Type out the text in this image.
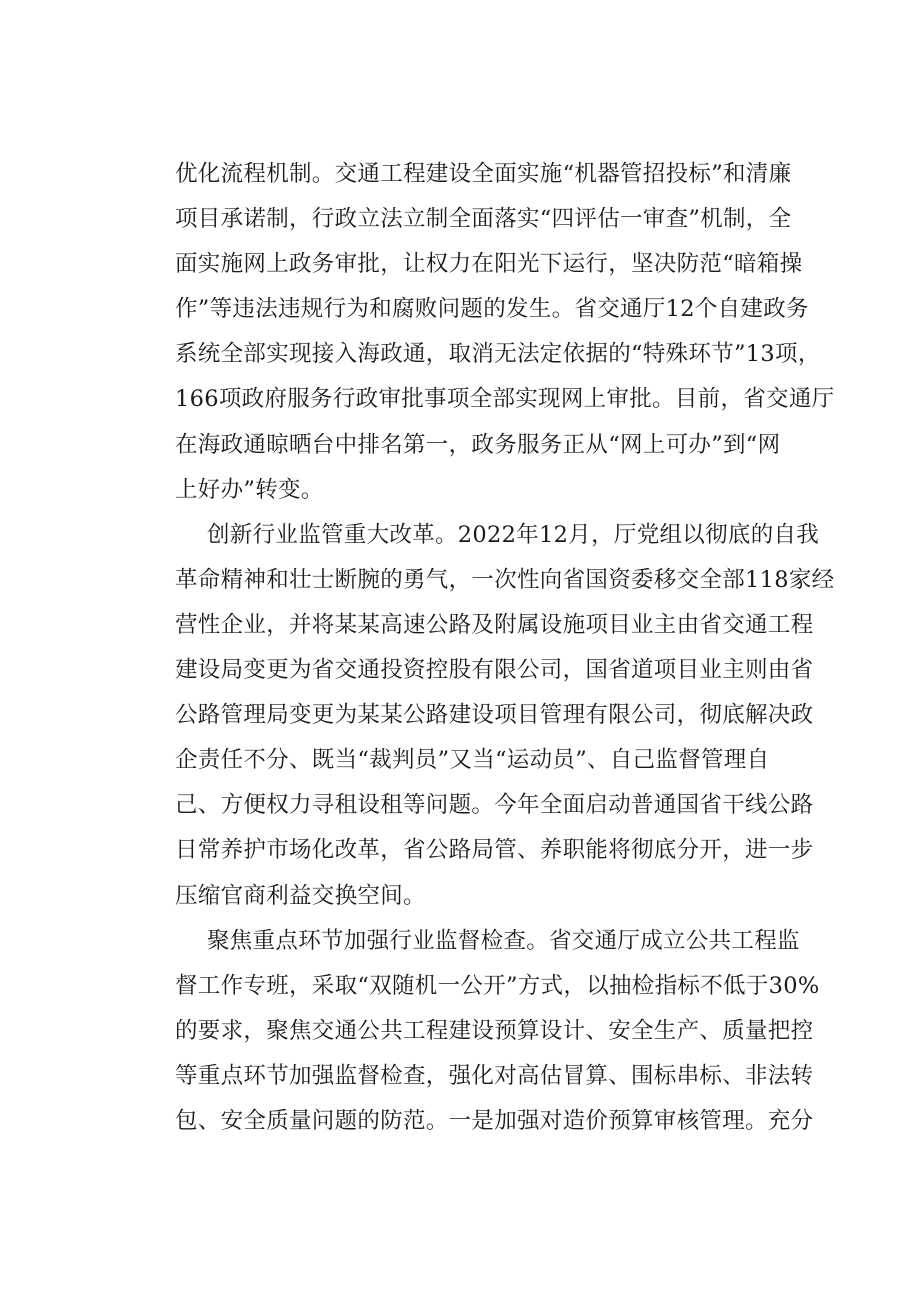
优化流程机制。交通工程建设全面实施“机器管招投标”和清廉
项目承诺制，行政立法立制全面落实“四评估一审查”机制，全
面实施网上政务审批，让权力在阳光下运行，坚决防范“暗箱操
作”等违法违规行为和腐败问题的发生。省交通厅12个自建政务
系统全部实现接入海政通，取消无法定依据的“特殊环节”13项，
166项政府服务行政审批事项全部实现网上审批。目前，省交通厅
在海政通晾晒台中排名第一，政务服务正从“网上可办”到“网
上好办”转变。
创新行业监管重大改革。2022年12月，厅党组以彻底的自我
革命精神和壮士断腕的勇气，一次性向省国资委移交全部118家经
营性企业，并将某某高速公路及附属设施项目业主由省交通工程
建设局变更为省交通投资控股有限公司，国省道项目业主则由省
公路管理局变更为某某公路建设项目管理有限公司，彻底解决政
企责任不分、既当“裁判员”又当“运动员”、自己监督管理自
己、方便权力寻租设租等问题。今年全面启动普通国省干线公路
日常养护市场化改革，省公路局管、养职能将彻底分开，进一步
压缩官商利益交换空间。
聚焦重点环节加强行业监督检查。省交通厅成立公共工程监
督工作专班，采取“双随机一公开”方式，以抽检指标不低于30%
的要求，聚焦交通公共工程建设预算设计、安全生产、质量把控
等重点环节加强监督检查，强化对高估冒算、围标串标、非法转
包、安全质量问题的防范。一是加强对造价预算审核管理。充分
